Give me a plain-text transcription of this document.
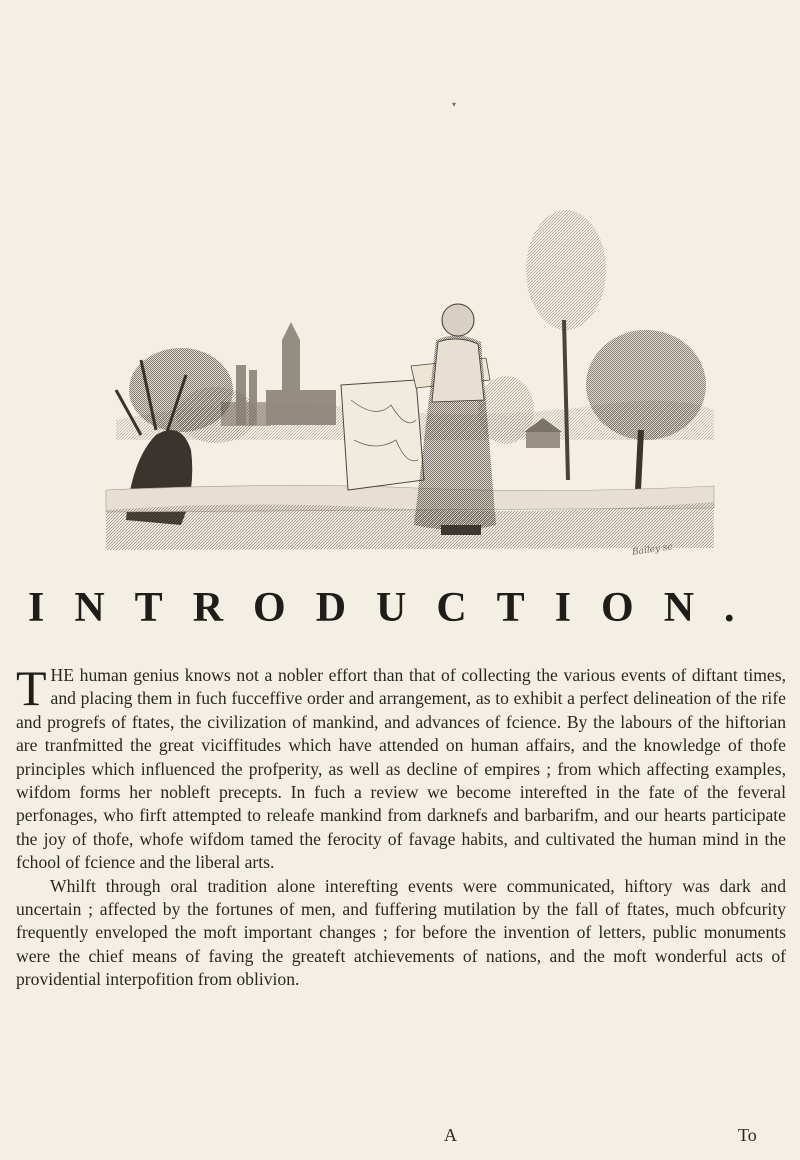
Bailey sc
INTRODUCTION.

THE human genius knows not a nobler effort than that of collecting the various events of diftant times, and placing them in fuch fucceffive order and arrangement, as to exhibit a perfect delineation of the rife and progrefs of ftates, the civilization of mankind, and advances of fcience. By the labours of the hiftorian are tranfmitted the great viciffitudes which have attended on human affairs, and the knowledge of thofe principles which influenced the profperity, as well as decline of empires ; from which affecting examples, wifdom forms her nobleft precepts. In fuch a review we become interefted in the fate of the feveral perfonages, who firft attempted to releafe mankind from darknefs and barbarifm, and our hearts participate the joy of thofe, whofe wifdom tamed the ferocity of favage habits, and cultivated the human mind in the fchool of fcience and the liberal arts.

Whilft through oral tradition alone interefting events were communicated, hiftory was dark and uncertain ; affected by the fortunes of men, and fuffering mutilation by the fall of ftates, much obfcurity frequently enveloped the moft important changes ; for before the invention of letters, public monuments were the chief means of faving the greateft atchievements of nations, and the moft wonderful acts of providential interpofition from oblivion.

A	To
▾
